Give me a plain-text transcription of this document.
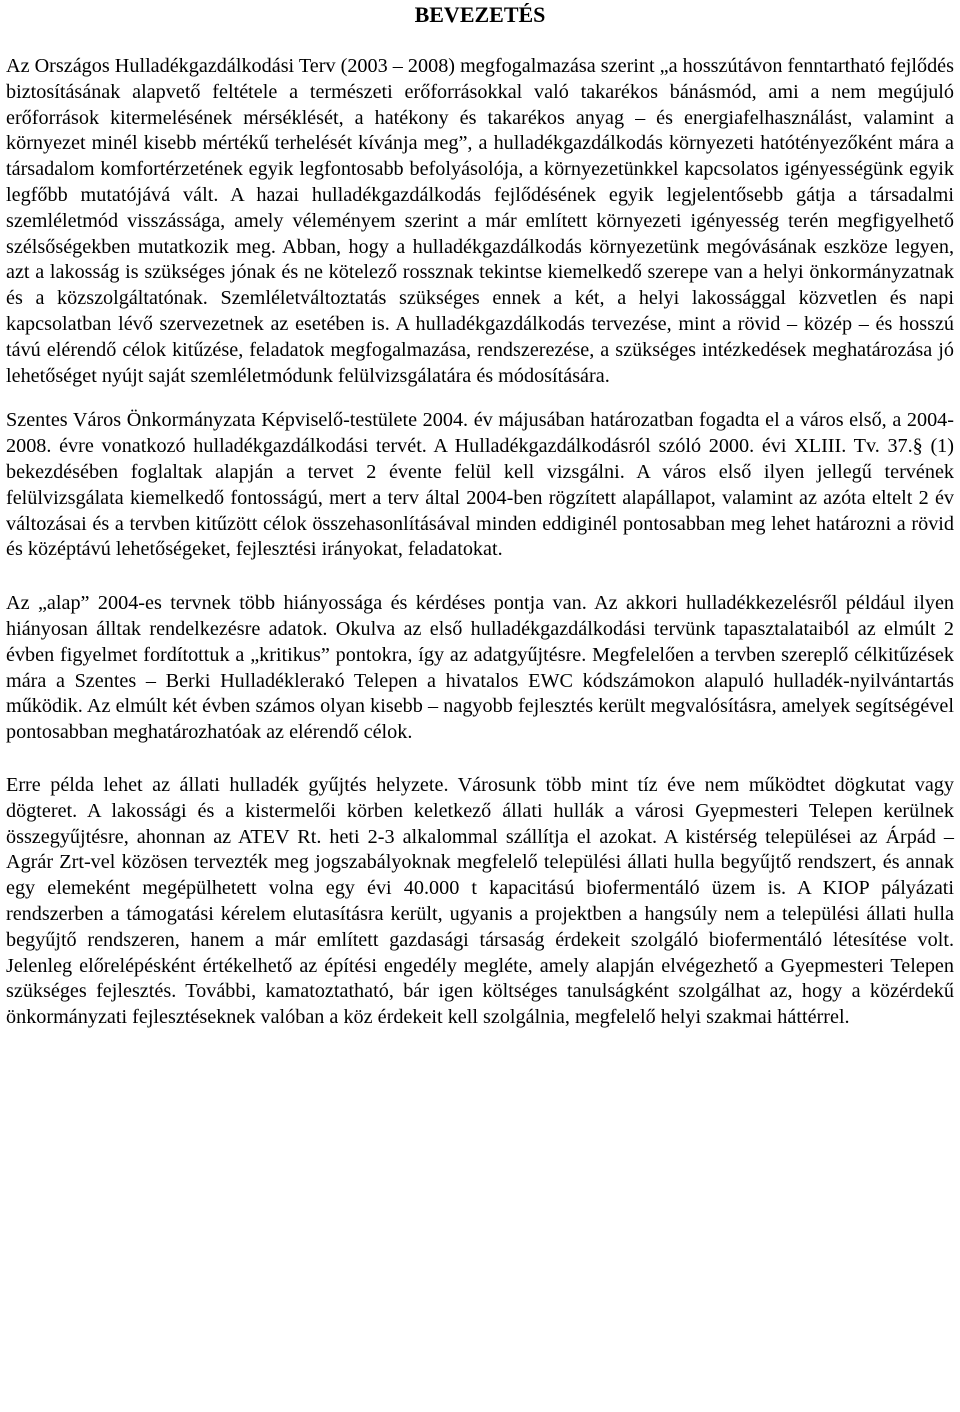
BEVEZETÉS

Az Országos Hulladékgazdálkodási Terv (2003 – 2008) megfogalmazása szerint „a hosszútávon fenntartható fejlődés biztosításának alapvető feltétele a természeti erőforrásokkal való takarékos bánásmód, ami a nem megújuló erőforrások kitermelésének mérséklését, a hatékony és takarékos anyag – és energiafelhasználást, valamint a környezet minél kisebb mértékű terhelését kívánja meg”, a hulladékgazdálkodás környezeti hatótényezőként mára a társadalom komfortérzetének egyik legfontosabb befolyásolója, a környezetünkkel kapcsolatos igényességünk egyik legfőbb mutatójává vált. A hazai hulladékgazdálkodás fejlődésének egyik legjelentősebb gátja a társadalmi szemléletmód visszássága, amely véleményem szerint a már említett környezeti igényesség terén megfigyelhető szélsőségekben mutatkozik meg. Abban, hogy a hulladékgazdálkodás környezetünk megóvásának eszköze legyen, azt a lakosság is szükséges jónak és ne kötelező rossznak tekintse kiemelkedő szerepe van a helyi önkormányzatnak és a közszolgáltatónak. Szemléletváltoztatás szükséges ennek a két, a helyi lakossággal közvetlen és napi kapcsolatban lévő szervezetnek az esetében is. A hulladékgazdálkodás tervezése, mint a rövid – közép – és hosszú távú elérendő célok kitűzése, feladatok megfogalmazása, rendszerezése, a szükséges intézkedések meghatározása jó lehetőséget nyújt saját szemléletmódunk felülvizsgálatára és módosítására.

Szentes Város Önkormányzata Képviselő-testülete 2004. év májusában határozatban fogadta el a város első, a 2004-2008. évre vonatkozó hulladékgazdálkodási tervét. A Hulladékgazdálkodásról szóló 2000. évi XLIII. Tv. 37.§ (1) bekezdésében foglaltak alapján a tervet 2 évente felül kell vizsgálni. A város első ilyen jellegű tervének felülvizsgálata kiemelkedő fontosságú, mert a terv által 2004-ben rögzített alapállapot, valamint az azóta eltelt 2 év változásai és a tervben kitűzött célok összehasonlításával minden eddiginél pontosabban meg lehet határozni a rövid és középtávú lehetőségeket, fejlesztési irányokat, feladatokat.

Az „alap” 2004-es tervnek több hiányossága és kérdéses pontja van. Az akkori hulladékkezelésről például ilyen hiányosan álltak rendelkezésre adatok. Okulva az első hulladékgazdálkodási tervünk tapasztalataiból az elmúlt 2 évben figyelmet fordítottuk a „kritikus” pontokra, így az adatgyűjtésre. Megfelelően a tervben szereplő célkitűzések mára a Szentes – Berki Hulladéklerakó Telepen a hivatalos EWC kódszámokon alapuló hulladék-nyilvántartás működik. Az elmúlt két évben számos olyan kisebb – nagyobb fejlesztés került megvalósításra, amelyek segítségével pontosabban meghatározhatóak az elérendő célok.

Erre példa lehet az állati hulladék gyűjtés helyzete. Városunk több mint tíz éve nem működtet dögkutat vagy dögteret. A lakossági és a kistermelői körben keletkező állati hullák a városi Gyepmesteri Telepen kerülnek összegyűjtésre, ahonnan az ATEV Rt. heti 2-3 alkalommal szállítja el azokat. A kistérség települései az Árpád – Agrár Zrt-vel közösen tervezték meg jogszabályoknak megfelelő települési állati hulla begyűjtő rendszert, és annak egy elemeként megépülhetett volna egy évi 40.000 t kapacitású biofermentáló üzem is. A KIOP pályázati rendszerben a támogatási kérelem elutasításra került, ugyanis a projektben a hangsúly nem a települési állati hulla begyűjtő rendszeren, hanem a már említett gazdasági társaság érdekeit szolgáló biofermentáló létesítése volt. Jelenleg előrelépésként értékelhető az építési engedély megléte, amely alapján elvégezhető a Gyepmesteri Telepen szükséges fejlesztés. További, kamatoztatható, bár igen költséges tanulságként szolgálhat az, hogy a közérdekű önkormányzati fejlesztéseknek valóban a köz érdekeit kell szolgálnia, megfelelő helyi szakmai háttérrel.
